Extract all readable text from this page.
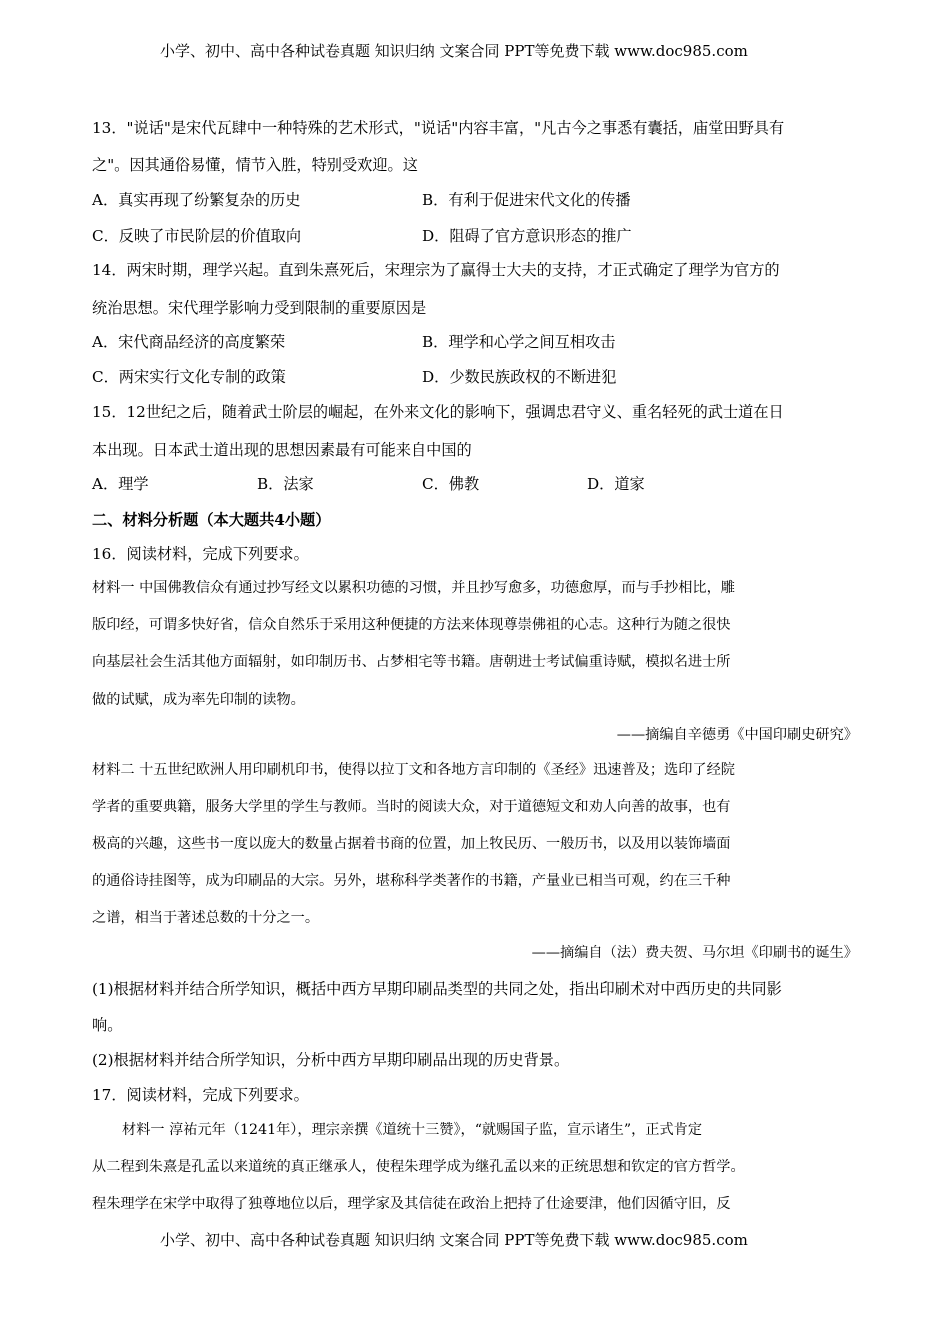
小学、初中、高中各种试卷真题 知识归纳 文案合同 PPT等免费下载 www.doc985.com
13．"说话"是宋代瓦肆中一种特殊的艺术形式，"说话"内容丰富，"凡古今之事悉有囊括，庙堂田野具有
之"。因其通俗易懂，情节入胜，特别受欢迎。这
A．真实再现了纷繁复杂的历史	B．有利于促进宋代文化的传播
C．反映了市民阶层的价值取向	D．阻碍了官方意识形态的推广
14．两宋时期，理学兴起。直到朱熹死后，宋理宗为了赢得士大夫的支持，才正式确定了理学为官方的
统治思想。宋代理学影响力受到限制的重要原因是
A．宋代商品经济的高度繁荣	B．理学和心学之间互相攻击
C．两宋实行文化专制的政策	D．少数民族政权的不断进犯
15．12世纪之后，随着武士阶层的崛起，在外来文化的影响下，强调忠君守义、重名轻死的武士道在日
本出现。日本武士道出现的思想因素最有可能来自中国的
A．理学	B．法家	C．佛教	D．道家
二、材料分析题（本大题共4小题）
16．阅读材料，完成下列要求。
材料一 中国佛教信众有通过抄写经文以累积功德的习惯，并且抄写愈多，功德愈厚，而与手抄相比，雕
版印经，可谓多快好省，信众自然乐于采用这种便捷的方法来体现尊崇佛祖的心志。这种行为随之很快
向基层社会生活其他方面辐射，如印制历书、占梦相宅等书籍。唐朝进士考试偏重诗赋，模拟名进士所
做的试赋，成为率先印制的读物。
——摘编自辛德勇《中国印刷史研究》
材料二 十五世纪欧洲人用印刷机印书，使得以拉丁文和各地方言印制的《圣经》迅速普及；选印了经院
学者的重要典籍，服务大学里的学生与教师。当时的阅读大众，对于道德短文和劝人向善的故事，也有
极高的兴趣，这些书一度以庞大的数量占据着书商的位置，加上牧民历、一般历书，以及用以装饰墙面
的通俗诗挂图等，成为印刷品的大宗。另外，堪称科学类著作的书籍，产量业已相当可观，约在三千种
之谱，相当于著述总数的十分之一。
——摘编自（法）费夫贺、马尔坦《印刷书的诞生》
(1)根据材料并结合所学知识，概括中西方早期印刷品类型的共同之处，指出印刷术对中西历史的共同影
响。
(2)根据材料并结合所学知识，分析中西方早期印刷品出现的历史背景。
17．阅读材料，完成下列要求。
材料一 淳祐元年（1241年），理宗亲撰《道统十三赞》，“就赐国子监，宣示诸生”，正式肯定
从二程到朱熹是孔孟以来道统的真正继承人，使程朱理学成为继孔孟以来的正统思想和钦定的官方哲学。
程朱理学在宋学中取得了独尊地位以后，理学家及其信徒在政治上把持了仕途要津，他们因循守旧，反
小学、初中、高中各种试卷真题 知识归纳 文案合同 PPT等免费下载 www.doc985.com
